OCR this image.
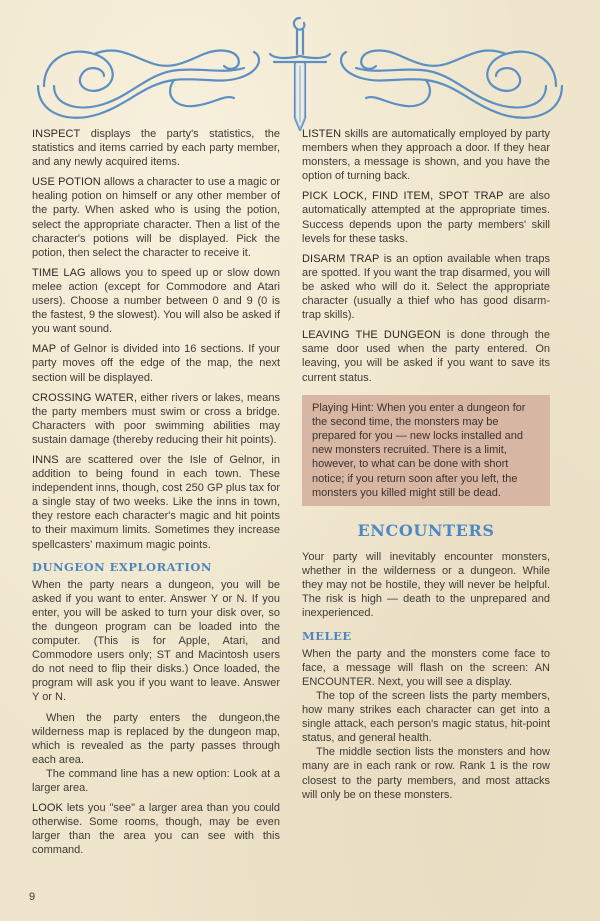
INSPECT displays the party's statistics, the statistics and items carried by each party member, and any newly acquired items.

USE POTION allows a character to use a magic or healing potion on himself or any other member of the party. When asked who is using the potion, select the appropriate character. Then a list of the character's potions will be displayed. Pick the potion, then select the character to receive it.

TIME LAG allows you to speed up or slow down melee action (except for Commodore and Atari users). Choose a number between 0 and 9 (0 is the fastest, 9 the slowest). You will also be asked if you want sound.

MAP of Gelnor is divided into 16 sections. If your party moves off the edge of the map, the next section will be displayed.

CROSSING WATER, either rivers or lakes, means the party members must swim or cross a bridge. Characters with poor swimming abilities may sustain damage (thereby reducing their hit points).

INNS are scattered over the Isle of Gelnor, in addition to being found in each town. These independent inns, though, cost 250 GP plus tax for a single stay of two weeks. Like the inns in town, they restore each character's magic and hit points to their maximum limits. Sometimes they increase spellcasters' maximum magic points.

DUNGEON EXPLORATION

When the party nears a dungeon, you will be asked if you want to enter. Answer Y or N. If you enter, you will be asked to turn your disk over, so the dungeon program can be loaded into the computer. (This is for Apple, Atari, and Commodore users only; ST and Macintosh users do not need to flip their disks.) Once loaded, the program will ask you if you want to leave. Answer Y or N.

When the party enters the dungeon,the wilderness map is replaced by the dungeon map, which is revealed as the party passes through each area.

The command line has a new option: Look at a larger area.

LOOK lets you "see" a larger area than you could otherwise. Some rooms, though, may be even larger than the area you can see with this command.

LISTEN skills are automatically employed by party members when they approach a door. If they hear monsters, a message is shown, and you have the option of turning back.

PICK LOCK, FIND ITEM, SPOT TRAP are also automatically attempted at the appropriate times. Success depends upon the party members' skill levels for these tasks.

DISARM TRAP is an option available when traps are spotted. If you want the trap disarmed, you will be asked who will do it. Select the appropriate character (usually a thief who has good disarm-trap skills).

LEAVING THE DUNGEON is done through the same door used when the party entered. On leaving, you will be asked if you want to save its current status.

Playing Hint: When you enter a dungeon for the second time, the monsters may be prepared for you — new locks installed and new monsters recruited. There is a limit, however, to what can be done with short notice; if you return soon after you left, the monsters you killed might still be dead.

ENCOUNTERS

Your party will inevitably encounter monsters, whether in the wilderness or a dungeon. While they may not be hostile, they will never be helpful. The risk is high — death to the unprepared and inexperienced.

MELEE

When the party and the monsters come face to face, a message will flash on the screen: AN ENCOUNTER. Next, you will see a display.

The top of the screen lists the party members, how many strikes each character can get into a single attack, each person's magic status, hit-point status, and general health.

The middle section lists the monsters and how many are in each rank or row. Rank 1 is the row closest to the party members, and most attacks will only be on these monsters.

9
